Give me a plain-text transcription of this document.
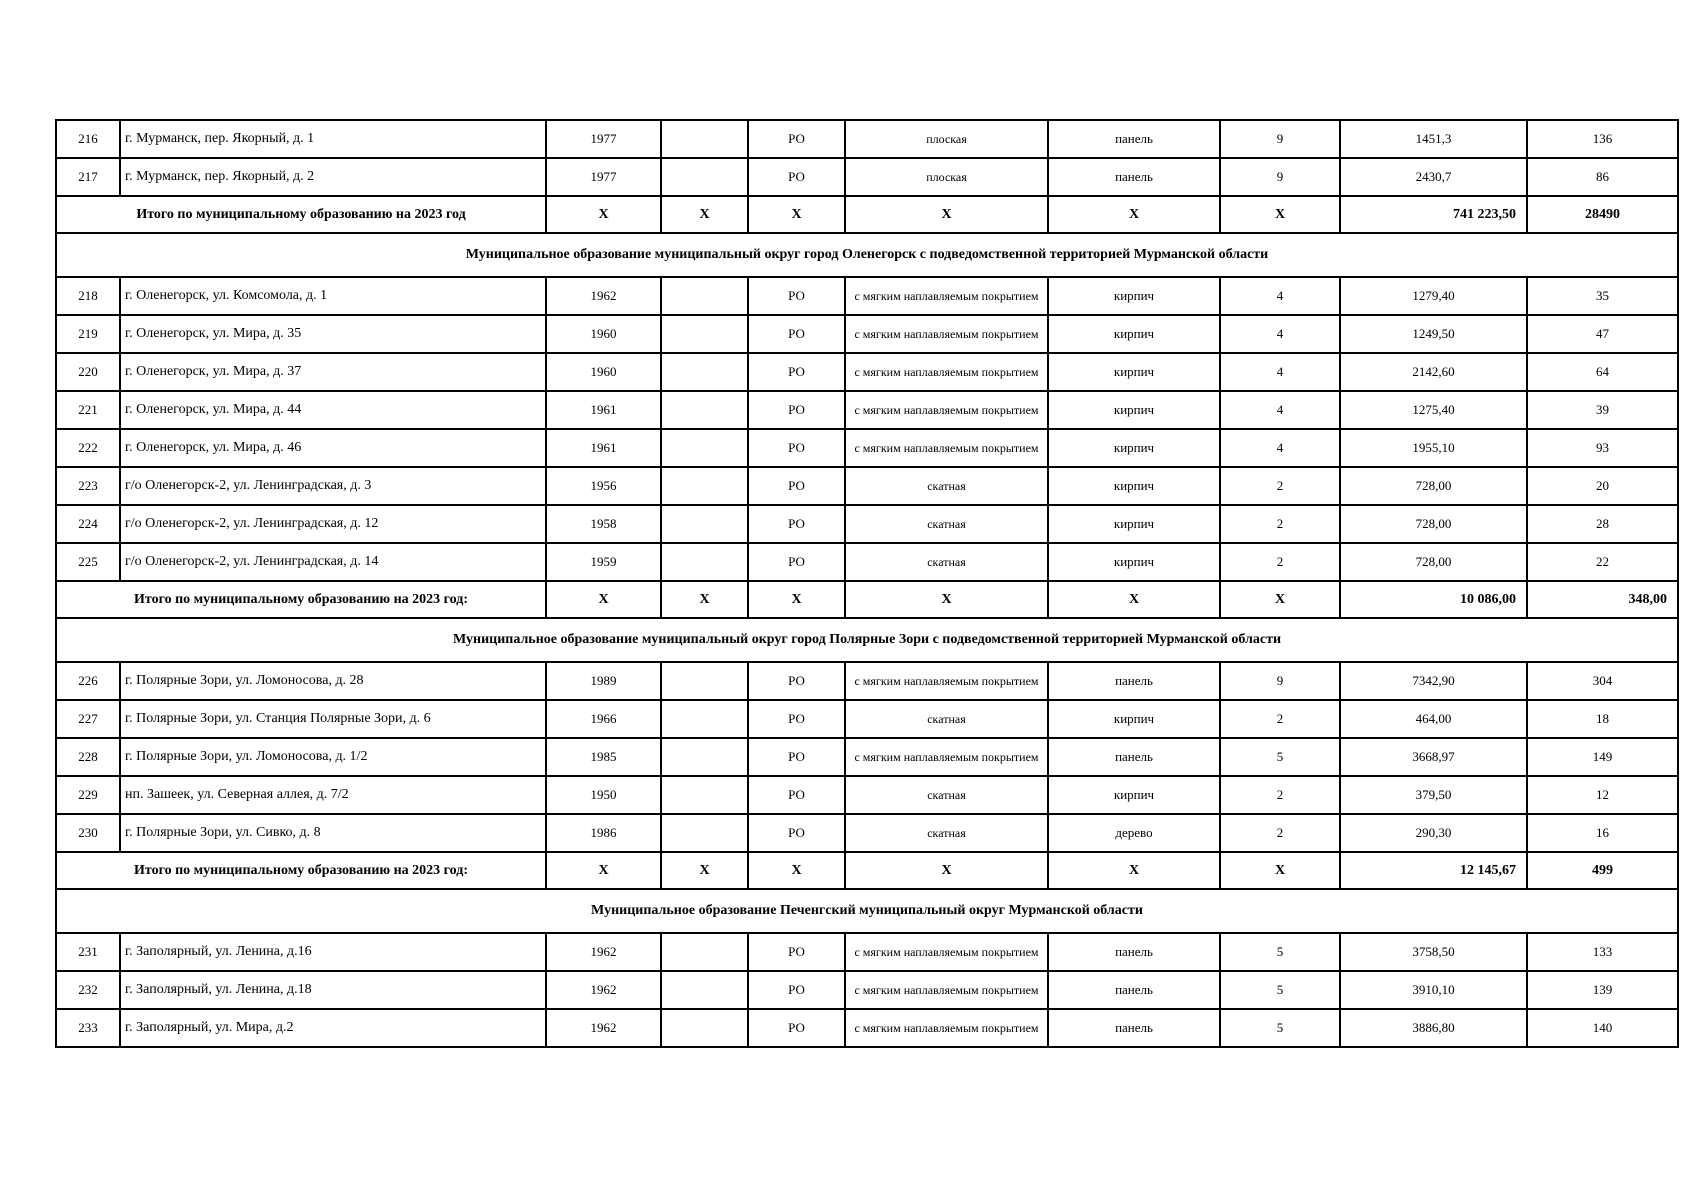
216	г. Мурманск, пер. Якорный, д. 1	1977		РО	плоская	панель	9	1451,3	136
217	г. Мурманск, пер. Якорный, д. 2	1977		РО	плоская	панель	9	2430,7	86
Итого по муниципальному образованию на 2023 год		X	X	X	X	X	X	741 223,50	28490
Муниципальное образование муниципальный округ город Оленегорск с подведомственной территорией Мурманской области									
218	г. Оленегорск, ул. Комсомола, д. 1	1962		РО	с мягким наплавляемым покрытием	кирпич	4	1279,40	35
219	г. Оленегорск, ул. Мира, д. 35	1960		РО	с мягким наплавляемым покрытием	кирпич	4	1249,50	47
220	г. Оленегорск, ул. Мира, д. 37	1960		РО	с мягким наплавляемым покрытием	кирпич	4	2142,60	64
221	г. Оленегорск, ул. Мира, д. 44	1961		РО	с мягким наплавляемым покрытием	кирпич	4	1275,40	39
222	г. Оленегорск, ул. Мира, д. 46	1961		РО	с мягким наплавляемым покрытием	кирпич	4	1955,10	93
223	г/о Оленегорск-2, ул. Ленинградская, д. 3	1956		РО	скатная	кирпич	2	728,00	20
224	г/о Оленегорск-2, ул. Ленинградская, д. 12	1958		РО	скатная	кирпич	2	728,00	28
225	г/о Оленегорск-2, ул. Ленинградская, д. 14	1959		РО	скатная	кирпич	2	728,00	22
Итого по муниципальному образованию на 2023 год:		X	X	X	X	X	X	10 086,00	348,00
Муниципальное образование муниципальный округ город Полярные Зори с подведомственной территорией Мурманской области									
226	г. Полярные Зори, ул. Ломоносова, д. 28	1989		РО	с мягким наплавляемым покрытием	панель	9	7342,90	304
227	г. Полярные Зори, ул. Станция Полярные Зори, д. 6	1966		РО	скатная	кирпич	2	464,00	18
228	г. Полярные Зори, ул. Ломоносова, д. 1/2	1985		РО	с мягким наплавляемым покрытием	панель	5	3668,97	149
229	нп. Зашеек, ул. Северная аллея, д. 7/2	1950		РО	скатная	кирпич	2	379,50	12
230	г. Полярные Зори, ул. Сивко, д. 8	1986		РО	скатная	дерево	2	290,30	16
Итого по муниципальному образованию на 2023 год:		X	X	X	X	X	X	12 145,67	499
Муниципальное образование Печенгский муниципальный округ Мурманской области									
231	г. Заполярный, ул. Ленина, д.16	1962		РО	с мягким наплавляемым покрытием	панель	5	3758,50	133
232	г. Заполярный, ул. Ленина, д.18	1962		РО	с мягким наплавляемым покрытием	панель	5	3910,10	139
233	г. Заполярный, ул. Мира, д.2	1962		РО	с мягким наплавляемым покрытием	панель	5	3886,80	140
